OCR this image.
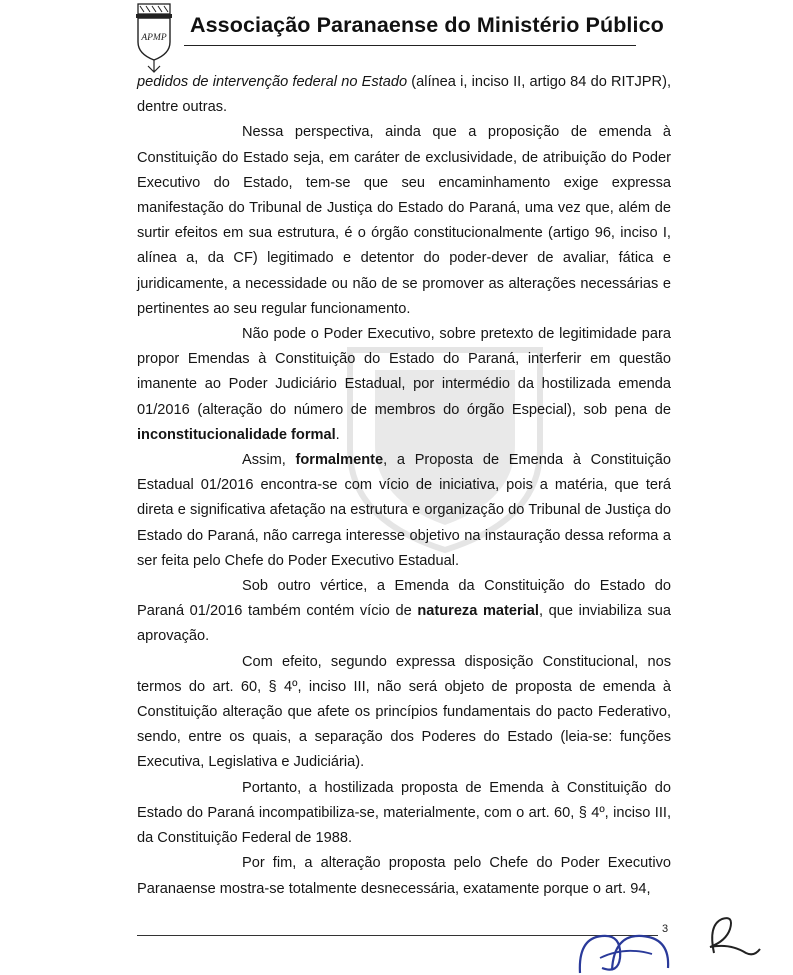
APMP
Associação Paranaense do Ministério Público

pedidos de intervenção federal no Estado (alínea i, inciso II, artigo 84 do RITJPR), dentre outras.

Nessa perspectiva, ainda que a proposição de emenda à Constituição do Estado seja, em caráter de exclusividade, de atribuição do Poder Executivo do Estado, tem-se que seu encaminhamento exige expressa manifestação do Tribunal de Justiça do Estado do Paraná, uma vez que, além de surtir efeitos em sua estrutura, é o órgão constitucionalmente (artigo 96, inciso I, alínea a, da CF) legitimado e detentor do poder-dever de avaliar, fática e juridicamente, a necessidade ou não de se promover as alterações necessárias e pertinentes ao seu regular funcionamento.

Não pode o Poder Executivo, sobre pretexto de legitimidade para propor Emendas à Constituição do Estado do Paraná, interferir em questão imanente ao Poder Judiciário Estadual, por intermédio da hostilizada emenda 01/2016 (alteração do número de membros do órgão Especial), sob pena de inconstitucionalidade formal.

Assim, formalmente, a Proposta de Emenda à Constituição Estadual 01/2016 encontra-se com vício de iniciativa, pois a matéria, que terá direta e significativa afetação na estrutura e organização do Tribunal de Justiça do Estado do Paraná, não carrega interesse objetivo na instauração dessa reforma a ser feita pelo Chefe do Poder Executivo Estadual.

Sob outro vértice, a Emenda da Constituição do Estado do Paraná 01/2016 também contém vício de natureza material, que inviabiliza sua aprovação.

Com efeito, segundo expressa disposição Constitucional, nos termos do art. 60, § 4º, inciso III, não será objeto de proposta de emenda à Constituição alteração que afete os princípios fundamentais do pacto Federativo, sendo, entre os quais, a separação dos Poderes do Estado (leia-se: funções Executiva, Legislativa e Judiciária).

Portanto, a hostilizada proposta de Emenda à Constituição do Estado do Paraná incompatibiliza-se, materialmente, com o art. 60, § 4º, inciso III, da Constituição Federal de 1988.

Por fim, a alteração proposta pelo Chefe do Poder Executivo Paranaense mostra-se totalmente desnecessária, exatamente porque o art. 94,

3
